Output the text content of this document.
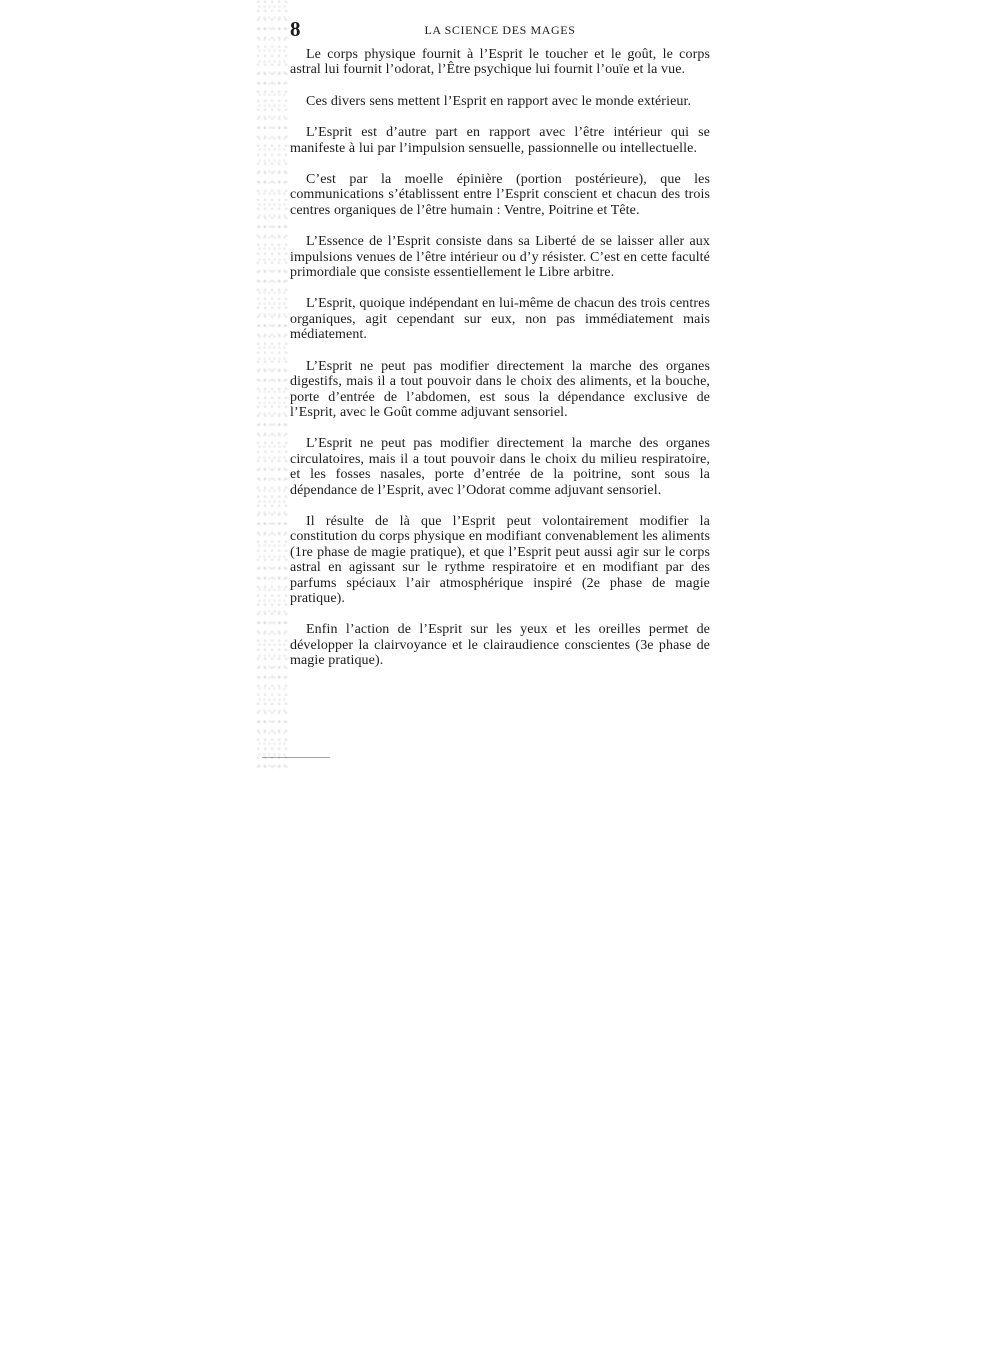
8	LA SCIENCE DES MAGES

Le corps physique fournit à l’Esprit le toucher et le goût, le corps astral lui fournit l’odorat, l’Être psychique lui fournit l’ouïe et la vue.

Ces divers sens mettent l’Esprit en rapport avec le monde extérieur.

L’Esprit est d’autre part en rapport avec l’être intérieur qui se manifeste à lui par l’impulsion sensuelle, passionnelle ou intellectuelle.

C’est par la moelle épinière (portion postérieure), que les communications s’établissent entre l’Esprit conscient et chacun des trois centres organiques de l’être humain : Ventre, Poitrine et Tête.

L’Essence de l’Esprit consiste dans sa Liberté de se laisser aller aux impulsions venues de l’être intérieur ou d’y résister. C’est en cette faculté primordiale que consiste essentiellement le Libre arbitre.

L’Esprit, quoique indépendant en lui-même de chacun des trois centres organiques, agit cependant sur eux, non pas immédiatement mais médiatement.

L’Esprit ne peut pas modifier directement la marche des organes digestifs, mais il a tout pouvoir dans le choix des aliments, et la bouche, porte d’entrée de l’abdomen, est sous la dépendance exclusive de l’Esprit, avec le Goût comme adjuvant sensoriel.

L’Esprit ne peut pas modifier directement la marche des organes circulatoires, mais il a tout pouvoir dans le choix du milieu respiratoire, et les fosses nasales, porte d’entrée de la poitrine, sont sous la dépendance de l’Esprit, avec l’Odorat comme adjuvant sensoriel.

Il résulte de là que l’Esprit peut volontairement modifier la constitution du corps physique en modifiant convenablement les aliments (1re phase de magie pratique), et que l’Esprit peut aussi agir sur le corps astral en agissant sur le rythme respiratoire et en modifiant par des parfums spéciaux l’air atmosphérique inspiré (2e phase de magie pratique).

Enfin l’action de l’Esprit sur les yeux et les oreilles permet de développer la clairvoyance et le clairaudience conscientes (3e phase de magie pratique).
